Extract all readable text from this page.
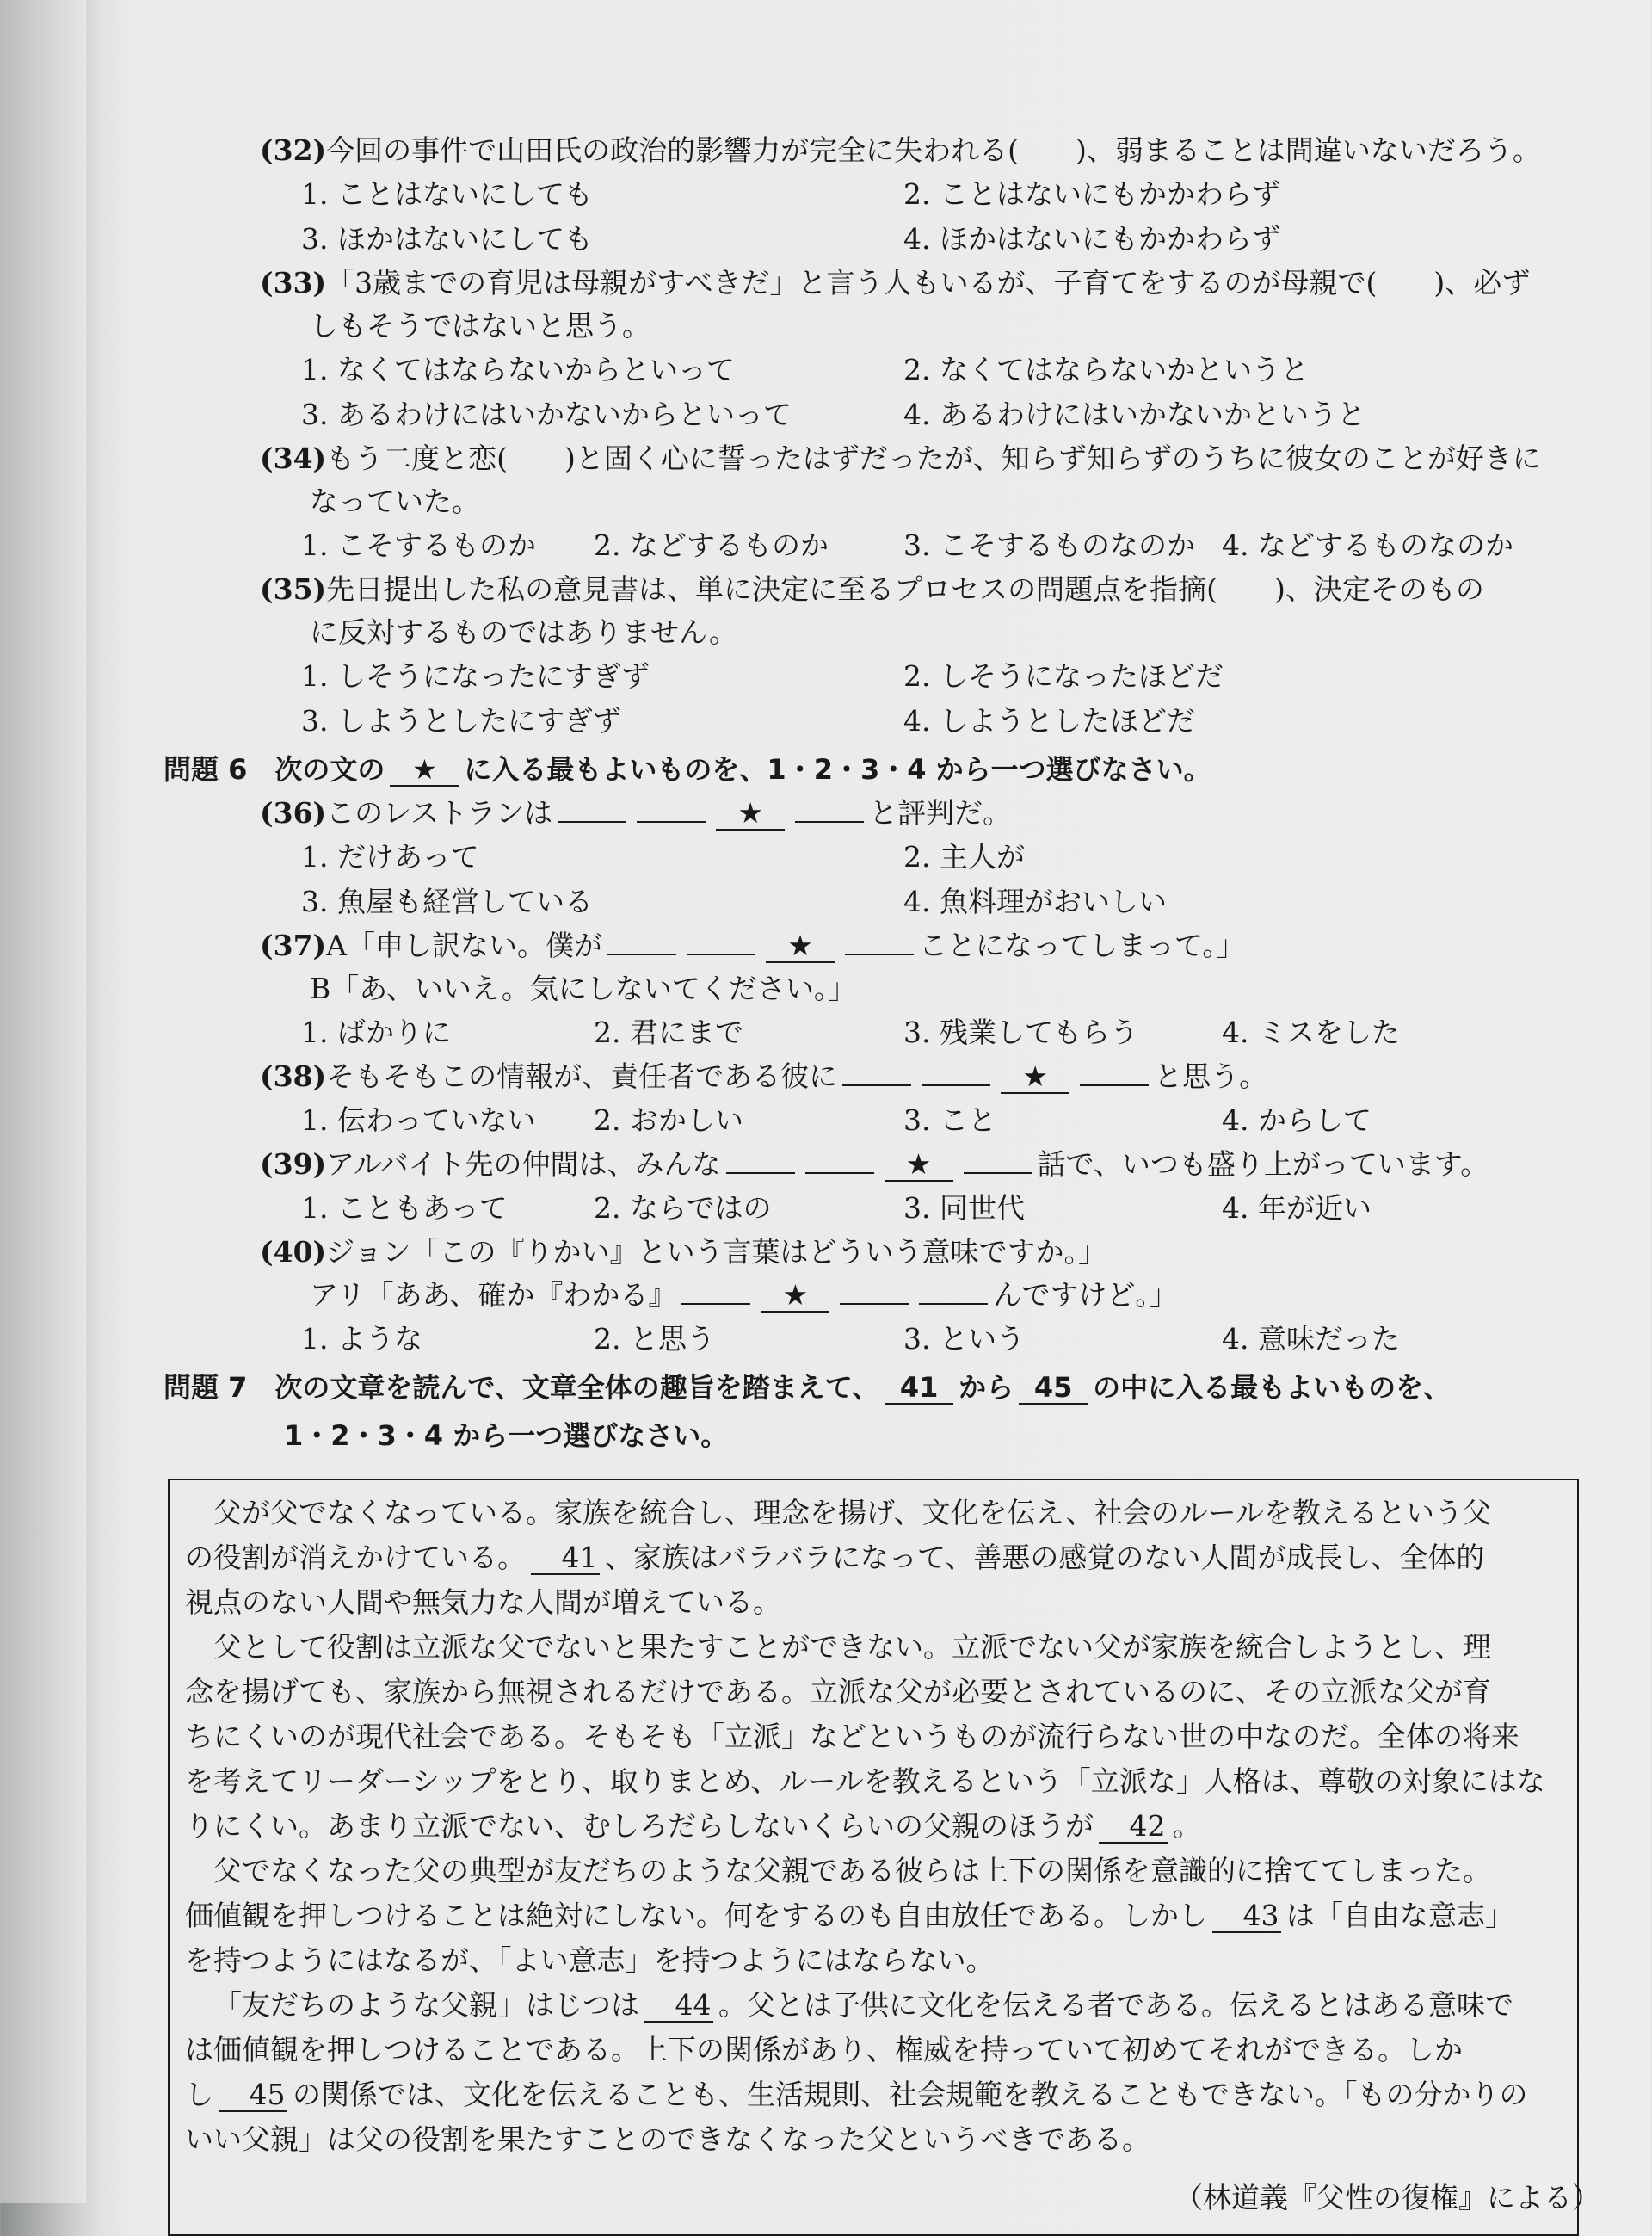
(32) 今回の事件で山田氏の政治的影響力が完全に失われる(　　)、弱まることは間違いないだろう。
1. ことはないにしても	2. ことはないにもかかわらず
3. ほかはないにしても	4. ほかはないにもかかわらず
(33) 「3歳までの育児は母親がすべきだ」と言う人もいるが、子育てをするのが母親で(　　)、必ず
しもそうではないと思う。
1. なくてはならないからといって	2. なくてはならないかというと
3. あるわけにはいかないからといって	4. あるわけにはいかないかというと
(34) もう二度と恋(　　)と固く心に誓ったはずだったが、知らず知らずのうちに彼女のことが好きに
なっていた。
1. こそするものか	2. などするものか	3. こそするものなのか 4. などするものなのか
(35) 先日提出した私の意見書は、単に決定に至るプロセスの問題点を指摘(　　)、決定そのもの
に反対するものではありません。
1. しそうになったにすぎず	2. しそうになったほどだ
3. しようとしたにすぎず	4. しようとしたほどだ
問題 6　次の文の ★ に入る最もよいものを、1・2・3・4 から一つ選びなさい。
(36) このレストランは	★	と評判だ。
1. だけあって	2. 主人が
3. 魚屋も経営している	4. 魚料理がおいしい
(37) A「申し訳ない。僕が	★	ことになってしまって。」
B「あ、いいえ。気にしないてください。」
1. ばかりに	2. 君にまで	3. 残業してもらう	4. ミスをした
(38) そもそもこの情報が、責任者である彼に	★	と思う。
1. 伝わっていない	2. おかしい	3. こと	4. からして
(39) アルバイト先の仲間は、みんな	★	話で、いつも盛り上がっています。
1. こともあって	2. ならではの	3. 同世代	4. 年が近い
(40) ジョン「この『りかい』という言葉はどういう意味ですか。」
アリ「ああ、確か『わかる』	★	んですけど。」
1. ような	2. と思う	3. という	4. 意味だった
問題 7　次の文章を読んで、文章全体の趣旨を踏まえて、 41 から 45 の中に入る最もよいものを、
1・2・3・4 から一つ選びなさい。

父が父でなくなっている。家族を統合し、理念を揚げ、文化を伝え、社会のルールを教えるという父
の役割が消えかけている。 41 、家族はバラバラになって、善悪の感覚のない人間が成長し、全体的
視点のない人間や無気力な人間が増えている。

父として役割は立派な父でないと果たすことができない。立派でない父が家族を統合しようとし、理
念を揚げても、家族から無視されるだけである。立派な父が必要とされているのに、その立派な父が育
ちにくいのが現代社会である。そもそも「立派」などというものが流行らない世の中なのだ。全体の将来
を考えてリーダーシップをとり、取りまとめ、ルールを教えるという「立派な」人格は、尊敬の対象にはな
りにくい。あまり立派でない、むしろだらしないくらいの父親のほうが 42 。

父でなくなった父の典型が友だちのような父親である彼らは上下の関係を意識的に捨ててしまった。
価値観を押しつけることは絶対にしない。何をするのも自由放任である。しかし 43 は「自由な意志」
を持つようにはなるが、「よい意志」を持つようにはならない。

「友だちのような父親」はじつは 44 。父とは子供に文化を伝える者である。伝えるとはある意味で
は価値観を押しつけることである。上下の関係があり、権威を持っていて初めてそれができる。しか
し 45 の関係では、文化を伝えることも、生活規則、社会規範を教えることもできない。「もの分かりの
いい父親」は父の役割を果たすことのできなくなった父というべきである。

（林道義『父性の復権』による）
